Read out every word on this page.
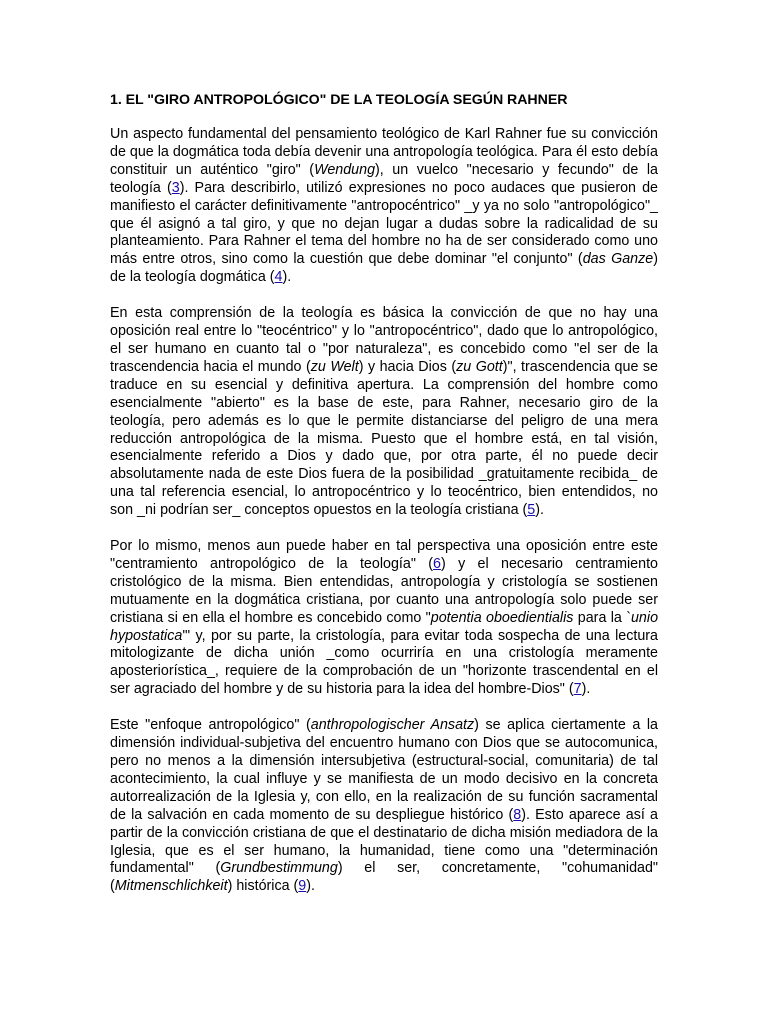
1. EL "GIRO ANTROPOLÓGICO" DE LA TEOLOGÍA SEGÚN RAHNER

Un aspecto fundamental del pensamiento teológico de Karl Rahner fue su convicción de que la dogmática toda debía devenir una antropología teológica. Para él esto debía constituir un auténtico "giro" (Wendung), un vuelco "necesario y fecundo" de la teología (3). Para describirlo, utilizó expresiones no poco audaces que pusieron de manifiesto el carácter definitivamente "antropocéntrico" _y ya no solo "antropológico"_ que él asignó a tal giro, y que no dejan lugar a dudas sobre la radicalidad de su planteamiento. Para Rahner el tema del hombre no ha de ser considerado como uno más entre otros, sino como la cuestión que debe dominar "el conjunto" (das Ganze) de la teología dogmática (4).

En esta comprensión de la teología es básica la convicción de que no hay una oposición real entre lo "teocéntrico" y lo "antropocéntrico", dado que lo antropológico, el ser humano en cuanto tal o "por naturaleza", es concebido como "el ser de la trascendencia hacia el mundo (zu Welt) y hacia Dios (zu Gott)", trascendencia que se traduce en su esencial y definitiva apertura. La comprensión del hombre como esencialmente "abierto" es la base de este, para Rahner, necesario giro de la teología, pero además es lo que le permite distanciarse del peligro de una mera reducción antropológica de la misma. Puesto que el hombre está, en tal visión, esencialmente referido a Dios y dado que, por otra parte, él no puede decir absolutamente nada de este Dios fuera de la posibilidad _gratuitamente recibida_ de una tal referencia esencial, lo antropocéntrico y lo teocéntrico, bien entendidos, no son _ni podrían ser_ conceptos opuestos en la teología cristiana (5).

Por lo mismo, menos aun puede haber en tal perspectiva una oposición entre este "centramiento antropológico de la teología" (6) y el necesario centramiento cristológico de la misma. Bien entendidas, antropología y cristología se sostienen mutuamente en la dogmática cristiana, por cuanto una antropología solo puede ser cristiana si en ella el hombre es concebido como "potentia oboedientialis para la `unio hypostatica'" y, por su parte, la cristología, para evitar toda sospecha de una lectura mitologizante de dicha unión _como ocurriría en una cristología meramente aposteriorística_, requiere de la comprobación de un "horizonte trascendental en el ser agraciado del hombre y de su historia para la idea del hombre-Dios" (7).

Este "enfoque antropológico" (anthropologischer Ansatz) se aplica ciertamente a la dimensión individual-subjetiva del encuentro humano con Dios que se autocomunica, pero no menos a la dimensión intersubjetiva (estructural-social, comunitaria) de tal acontecimiento, la cual influye y se manifiesta de un modo decisivo en la concreta autorrealización de la Iglesia y, con ello, en la realización de su función sacramental de la salvación en cada momento de su despliegue histórico (8). Esto aparece así a partir de la convicción cristiana de que el destinatario de dicha misión mediadora de la Iglesia, que es el ser humano, la humanidad, tiene como una "determinación fundamental" (Grundbestimmung) el ser, concretamente, "cohumanidad" (Mitmenschlichkeit) histórica (9).
